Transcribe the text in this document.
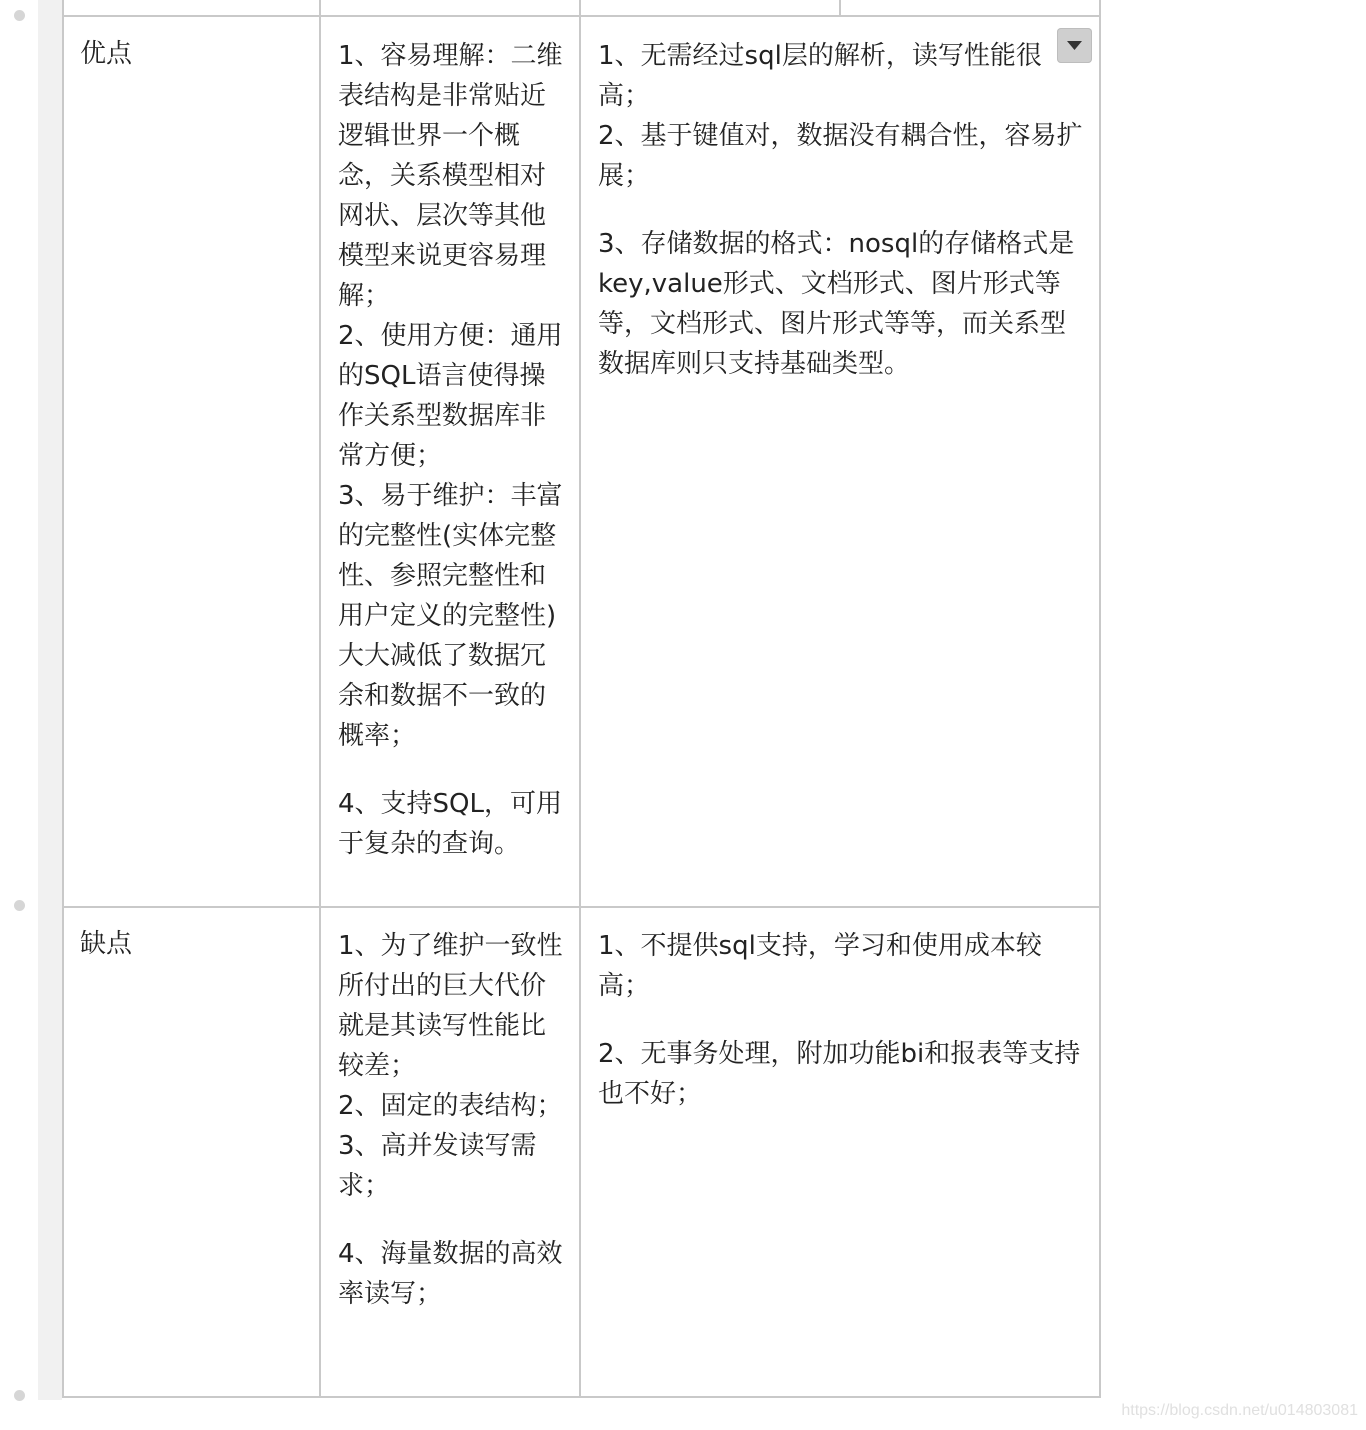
优点	1、容易理解：二维表结构是非常贴近逻辑世界一个概念，关系模型相对网状、层次等其他模型来说更容易理解；

2、使用方便：通用的SQL语言使得操作关系型数据库非常方便；

3、易于维护：丰富的完整性(实体完整性、参照完整性和用户定义的完整性)大大减低了数据冗余和数据不一致的概率；

4、支持SQL，可用于复杂的查询。

1、无需经过sql层的解析，读写性能很高；

2、基于键值对，数据没有耦合性，容易扩展；

3、存储数据的格式：nosql的存储格式是key,value形式、文档形式、图片形式等等，文档形式、图片形式等等，而关系型数据库则只支持基础类型。

缺点	1、为了维护一致性所付出的巨大代价就是其读写性能比较差；

2、固定的表结构；

3、高并发读写需求；

4、海量数据的高效率读写；

1、不提供sql支持，学习和使用成本较高；

2、无事务处理，附加功能bi和报表等支持也不好；

https://blog.csdn.net/u014803081
